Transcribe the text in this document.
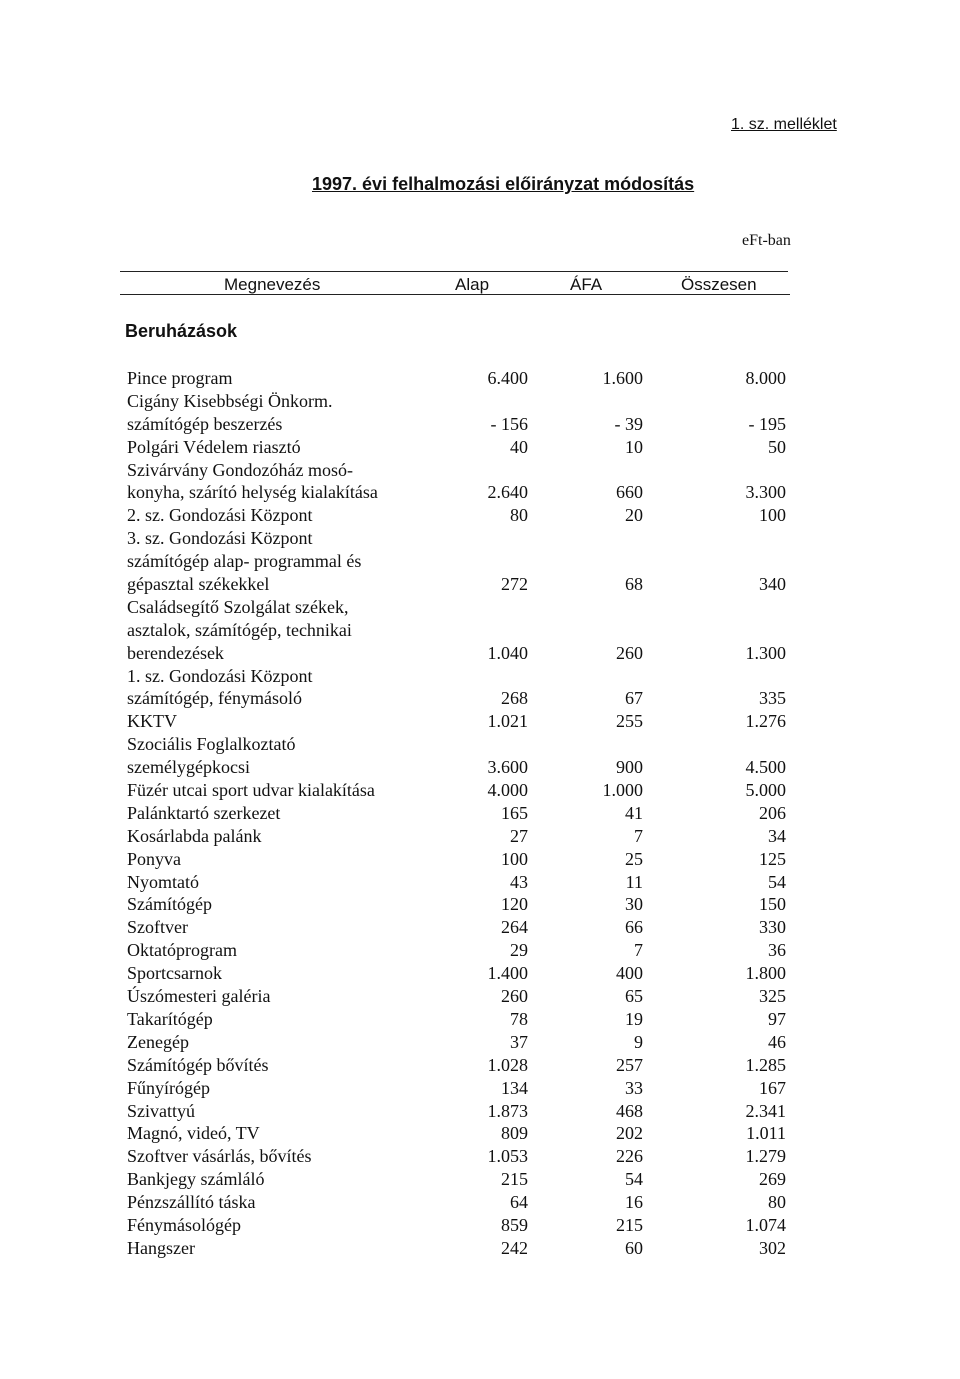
1. sz. melléklet
1997. évi felhalmozási előirányzat módosítás
eFt-ban
Megnevezés	Alap	ÁFA	Összesen
Beruházások
Pince program	6.400	1.600	8.000
Cigány Kisebbségi Önkorm.
számítógép beszerzés	- 156	- 39	- 195
Polgári Védelem riasztó	40	10	50
Szivárvány Gondozóház mosó-
konyha, szárító helység kialakítása	2.640	660	3.300
2. sz. Gondozási Központ	80	20	100
3. sz. Gondozási Központ
számítógép alap- programmal és
gépasztal székekkel	272	68	340
Családsegítő Szolgálat székek,
asztalok, számítógép, technikai
berendezések	1.040	260	1.300
1. sz. Gondozási Központ
számítógép, fénymásoló	268	67	335
KKTV	1.021	255	1.276
Szociális Foglalkoztató
személygépkocsi	3.600	900	4.500
Füzér utcai sport udvar kialakítása	4.000	1.000	5.000
Palánktartó szerkezet	165	41	206
Kosárlabda palánk	27	7	34
Ponyva	100	25	125
Nyomtató	43	11	54
Számítógép	120	30	150
Szoftver	264	66	330
Oktatóprogram	29	7	36
Sportcsarnok	1.400	400	1.800
Úszómesteri galéria	260	65	325
Takarítógép	78	19	97
Zenegép	37	9	46
Számítógép bővítés	1.028	257	1.285
Fűnyírógép	134	33	167
Szivattyú	1.873	468	2.341
Magnó, videó, TV	809	202	1.011
Szoftver vásárlás, bővítés	1.053	226	1.279
Bankjegy számláló	215	54	269
Pénzszállító táska	64	16	80
Fénymásológép	859	215	1.074
Hangszer	242	60	302
